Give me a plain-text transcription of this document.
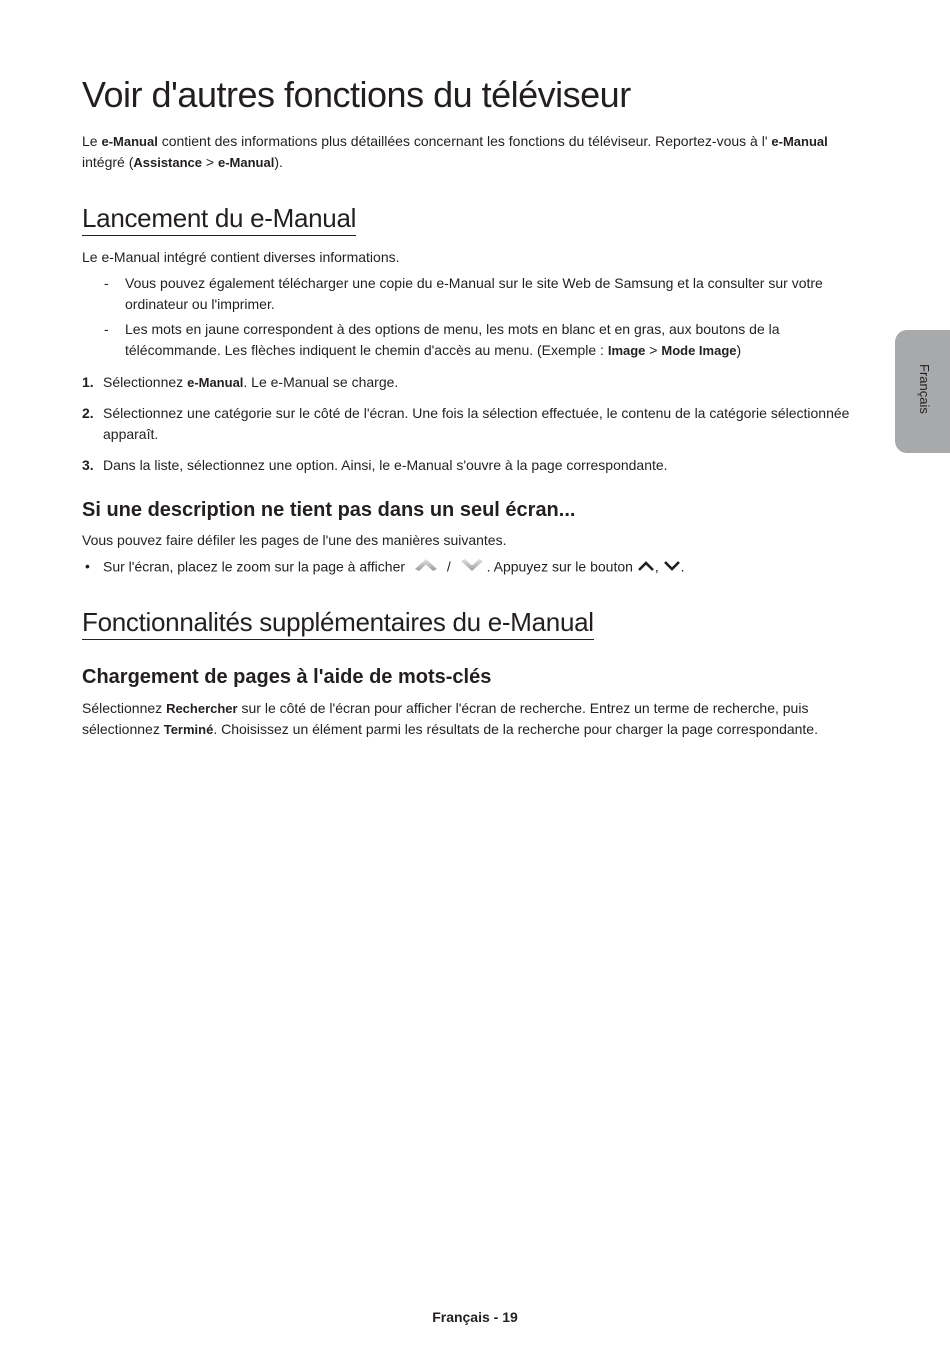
Voir d'autres fonctions du téléviseur

Le e-Manual contient des informations plus détaillées concernant les fonctions du téléviseur. Reportez-vous à l' e-Manual intégré (Assistance > e-Manual).

Lancement du e-Manual

Le e-Manual intégré contient diverses informations.

- Vous pouvez également télécharger une copie du e-Manual sur le site Web de Samsung et la consulter sur votre ordinateur ou l'imprimer.
- Les mots en jaune correspondent à des options de menu, les mots en blanc et en gras, aux boutons de la télécommande. Les flèches indiquent le chemin d'accès au menu. (Exemple : Image > Mode Image)
1. Sélectionnez e-Manual. Le e-Manual se charge.
2. Sélectionnez une catégorie sur le côté de l'écran. Une fois la sélection effectuée, le contenu de la catégorie sélectionnée apparaît.
3. Dans la liste, sélectionnez une option. Ainsi, le e-Manual s'ouvre à la page correspondante.
Si une description ne tient pas dans un seul écran...

Vous pouvez faire défiler les pages de l'une des manières suivantes.

• Sur l'écran, placez le zoom sur la page à afficher	/	. Appuyez sur le bouton , .
Fonctionnalités supplémentaires du e-Manual
Chargement de pages à l'aide de mots-clés

Sélectionnez Rechercher sur le côté de l'écran pour afficher l'écran de recherche. Entrez un terme de recherche, puis sélectionnez Terminé. Choisissez un élément parmi les résultats de la recherche pour charger la page correspondante.

Français
Français - 19
